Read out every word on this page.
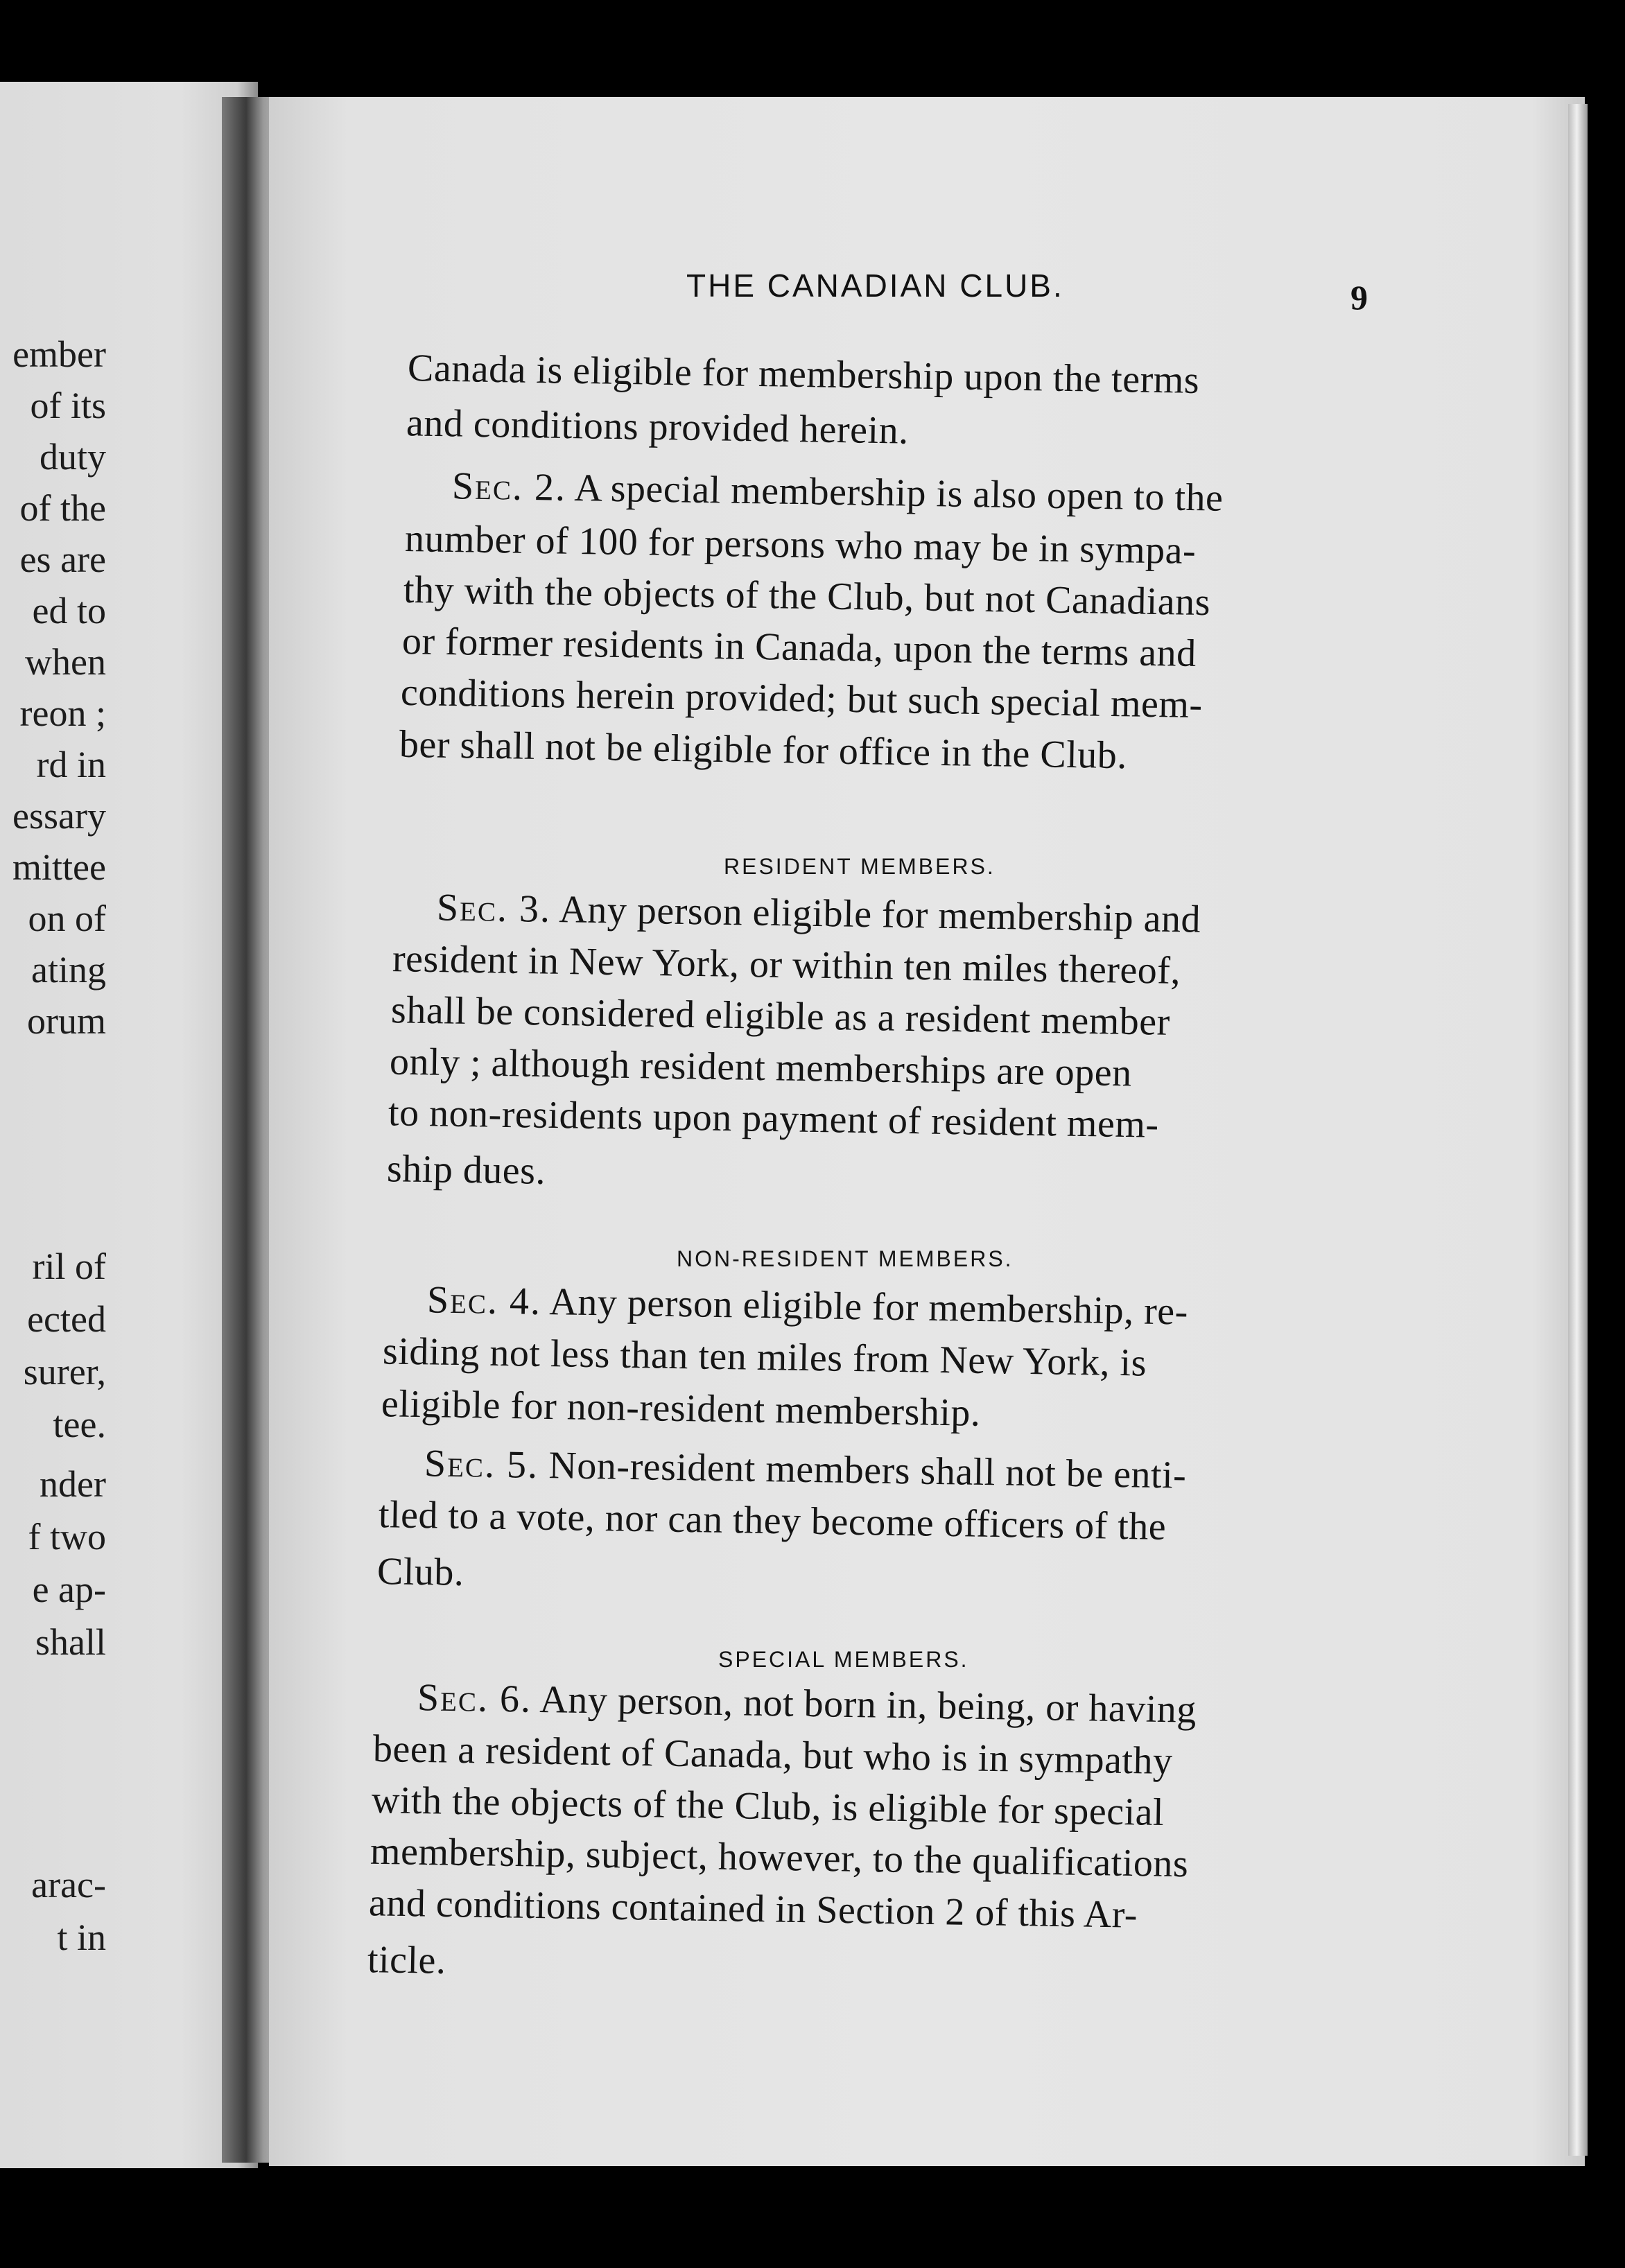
ember
of its
duty
of the
es are
ed to
when
reon ;
rd in
essary
mittee
on of
ating
orum
ril of
ected
surer,
tee.
nder
f two
e ap-
shall
arac-
t in
THE CANADIAN CLUB.	9
Canada is eligible for membership upon the terms
and conditions provided herein.
Sec. 2. A special membership is also open to the
number of 100 for persons who may be in sympa-
thy with the objects of the Club, but not Canadians
or former residents in Canada, upon the terms and
conditions herein provided; but such special mem-
ber shall not be eligible for office in the Club.
RESIDENT MEMBERS.
Sec. 3. Any person eligible for membership and
resident in New York, or within ten miles thereof,
shall be considered eligible as a resident member
only ; although resident memberships are open
to non-residents upon payment of resident mem-
ship dues.
NON-RESIDENT MEMBERS.
Sec. 4. Any person eligible for membership, re-
siding not less than ten miles from New York, is
eligible for non-resident membership.
Sec. 5. Non-resident members shall not be enti-
tled to a vote, nor can they become officers of the
Club.
SPECIAL MEMBERS.
Sec. 6. Any person, not born in, being, or having
been a resident of Canada, but who is in sympathy
with the objects of the Club, is eligible for special
membership, subject, however, to the qualifications
and conditions contained in Section 2 of this Ar-
ticle.
